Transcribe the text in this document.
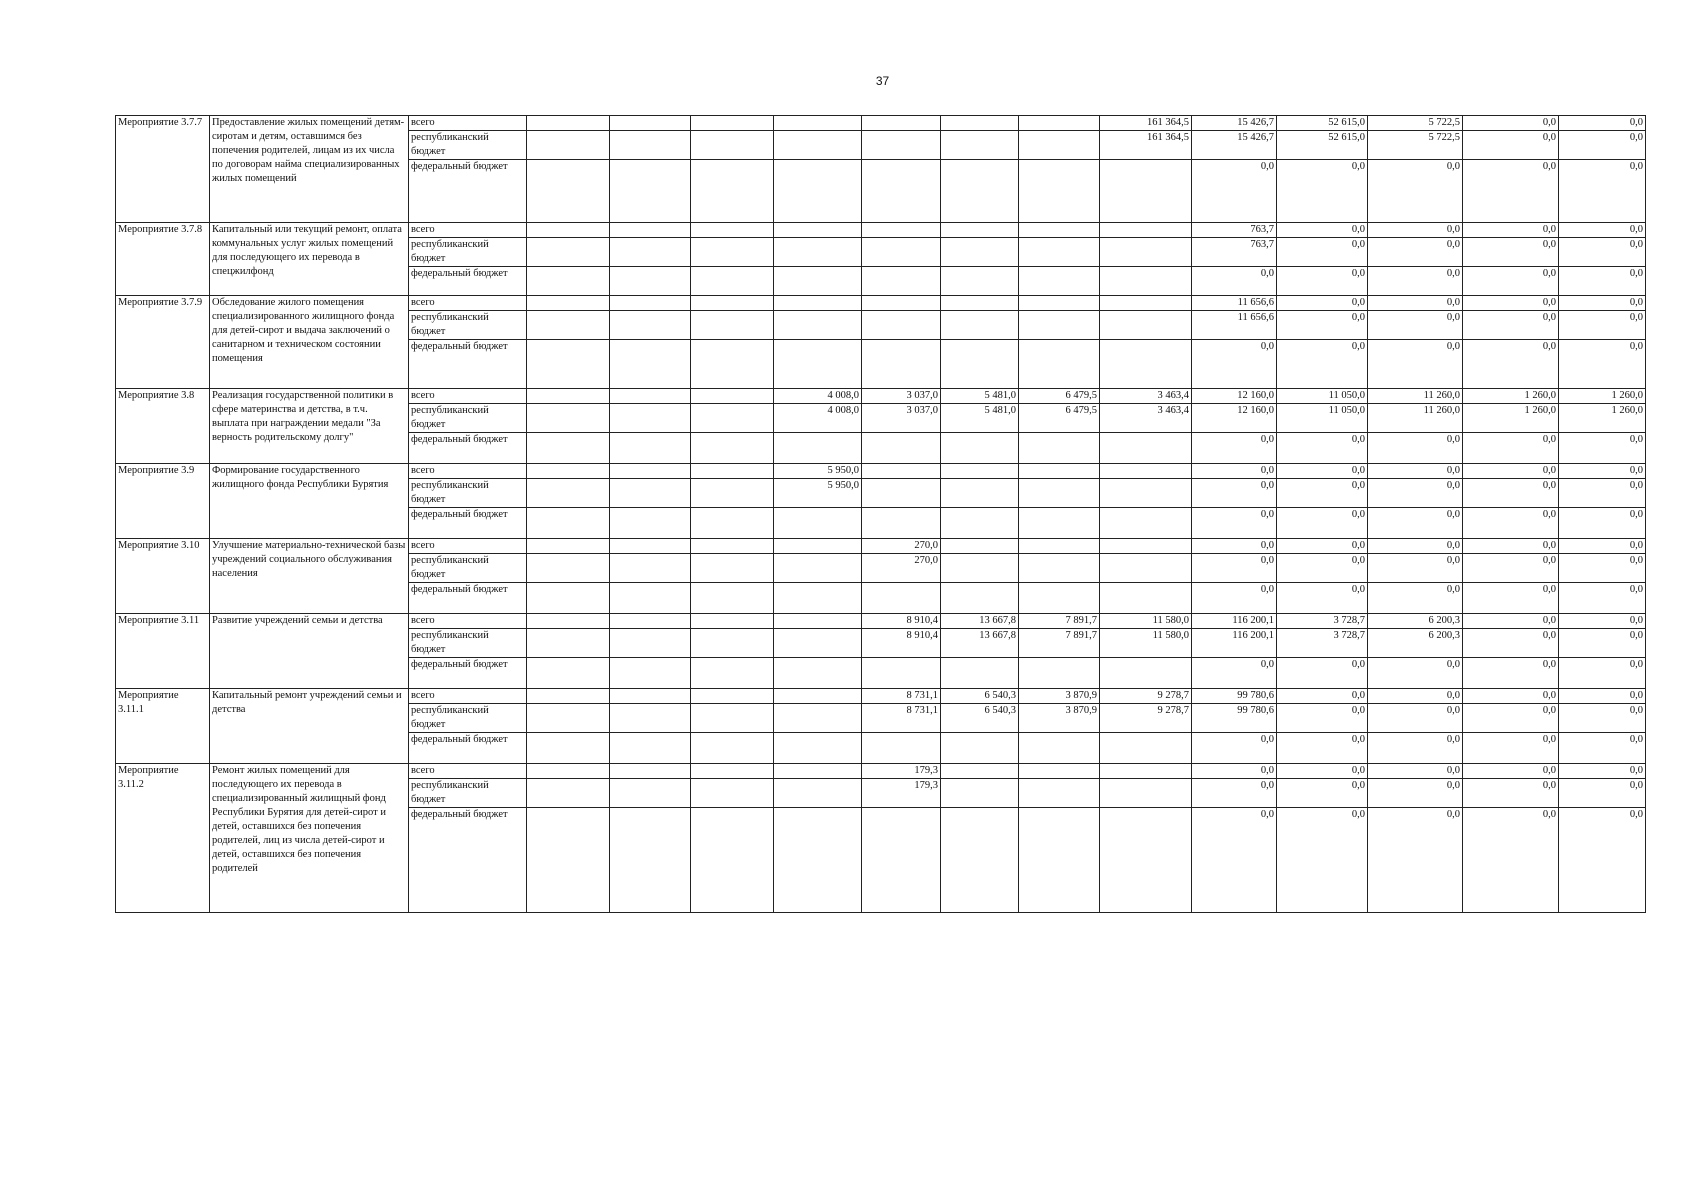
37
Мероприятие 3.7.7	Предоставление жилых помещений детям-сиротам и детям, оставшимся без попечения родителей, лицам из их числа по договорам найма специализированных жилых помещений	всего								161 364,5	15 426,7	52 615,0	5 722,5	0,0	0,0
		республиканский бюджет								161 364,5	15 426,7	52 615,0	5 722,5	0,0	0,0
		федеральный бюджет									0,0	0,0	0,0	0,0	0,0
Мероприятие 3.7.8	Капитальный или текущий ремонт, оплата коммунальных услуг жилых помещений для последующего их перевода в спецжилфонд	всего									763,7	0,0	0,0	0,0	0,0
		республиканский бюджет									763,7	0,0	0,0	0,0	0,0
		федеральный бюджет									0,0	0,0	0,0	0,0	0,0
Мероприятие 3.7.9	Обследование жилого помещения специализированного жилищного фонда для детей-сирот и выдача заключений о санитарном и техническом состоянии помещения	всего									11 656,6	0,0	0,0	0,0	0,0
		республиканский бюджет									11 656,6	0,0	0,0	0,0	0,0
		федеральный бюджет									0,0	0,0	0,0	0,0	0,0
Мероприятие 3.8	Реализация государственной политики в сфере материнства и детства, в т.ч. выплата при награждении медали "За верность родительскому долгу"	всего				4 008,0	3 037,0	5 481,0	6 479,5	3 463,4	12 160,0	11 050,0	11 260,0	1 260,0	1 260,0
		республиканский бюджет				4 008,0	3 037,0	5 481,0	6 479,5	3 463,4	12 160,0	11 050,0	11 260,0	1 260,0	1 260,0
		федеральный бюджет									0,0	0,0	0,0	0,0	0,0
Мероприятие 3.9	Формирование государственного жилищного фонда Республики Бурятия	всего				5 950,0					0,0	0,0	0,0	0,0	0,0
		республиканский бюджет				5 950,0					0,0	0,0	0,0	0,0	0,0
		федеральный бюджет									0,0	0,0	0,0	0,0	0,0
Мероприятие 3.10	Улучшение материально-технической базы учреждений социального обслуживания населения	всего					270,0				0,0	0,0	0,0	0,0	0,0
		республиканский бюджет					270,0				0,0	0,0	0,0	0,0	0,0
		федеральный бюджет									0,0	0,0	0,0	0,0	0,0
Мероприятие 3.11	Развитие учреждений семьи и детства	всего					8 910,4	13 667,8	7 891,7	11 580,0	116 200,1	3 728,7	6 200,3	0,0	0,0
		республиканский бюджет					8 910,4	13 667,8	7 891,7	11 580,0	116 200,1	3 728,7	6 200,3	0,0	0,0
		федеральный бюджет									0,0	0,0	0,0	0,0	0,0
Мероприятие 3.11.1	Капитальный ремонт учреждений семьи и детства	всего					8 731,1	6 540,3	3 870,9	9 278,7	99 780,6	0,0	0,0	0,0	0,0
		республиканский бюджет					8 731,1	6 540,3	3 870,9	9 278,7	99 780,6	0,0	0,0	0,0	0,0
		федеральный бюджет									0,0	0,0	0,0	0,0	0,0
Мероприятие 3.11.2	Ремонт жилых помещений для последующего их перевода в специализированный жилищный фонд Республики Бурятия для детей-сирот и детей, оставшихся без попечения родителей, лиц из числа детей-сирот и детей, оставшихся без попечения родителей	всего					179,3				0,0	0,0	0,0	0,0	0,0
		республиканский бюджет					179,3				0,0	0,0	0,0	0,0	0,0
		федеральный бюджет									0,0	0,0	0,0	0,0	0,0
